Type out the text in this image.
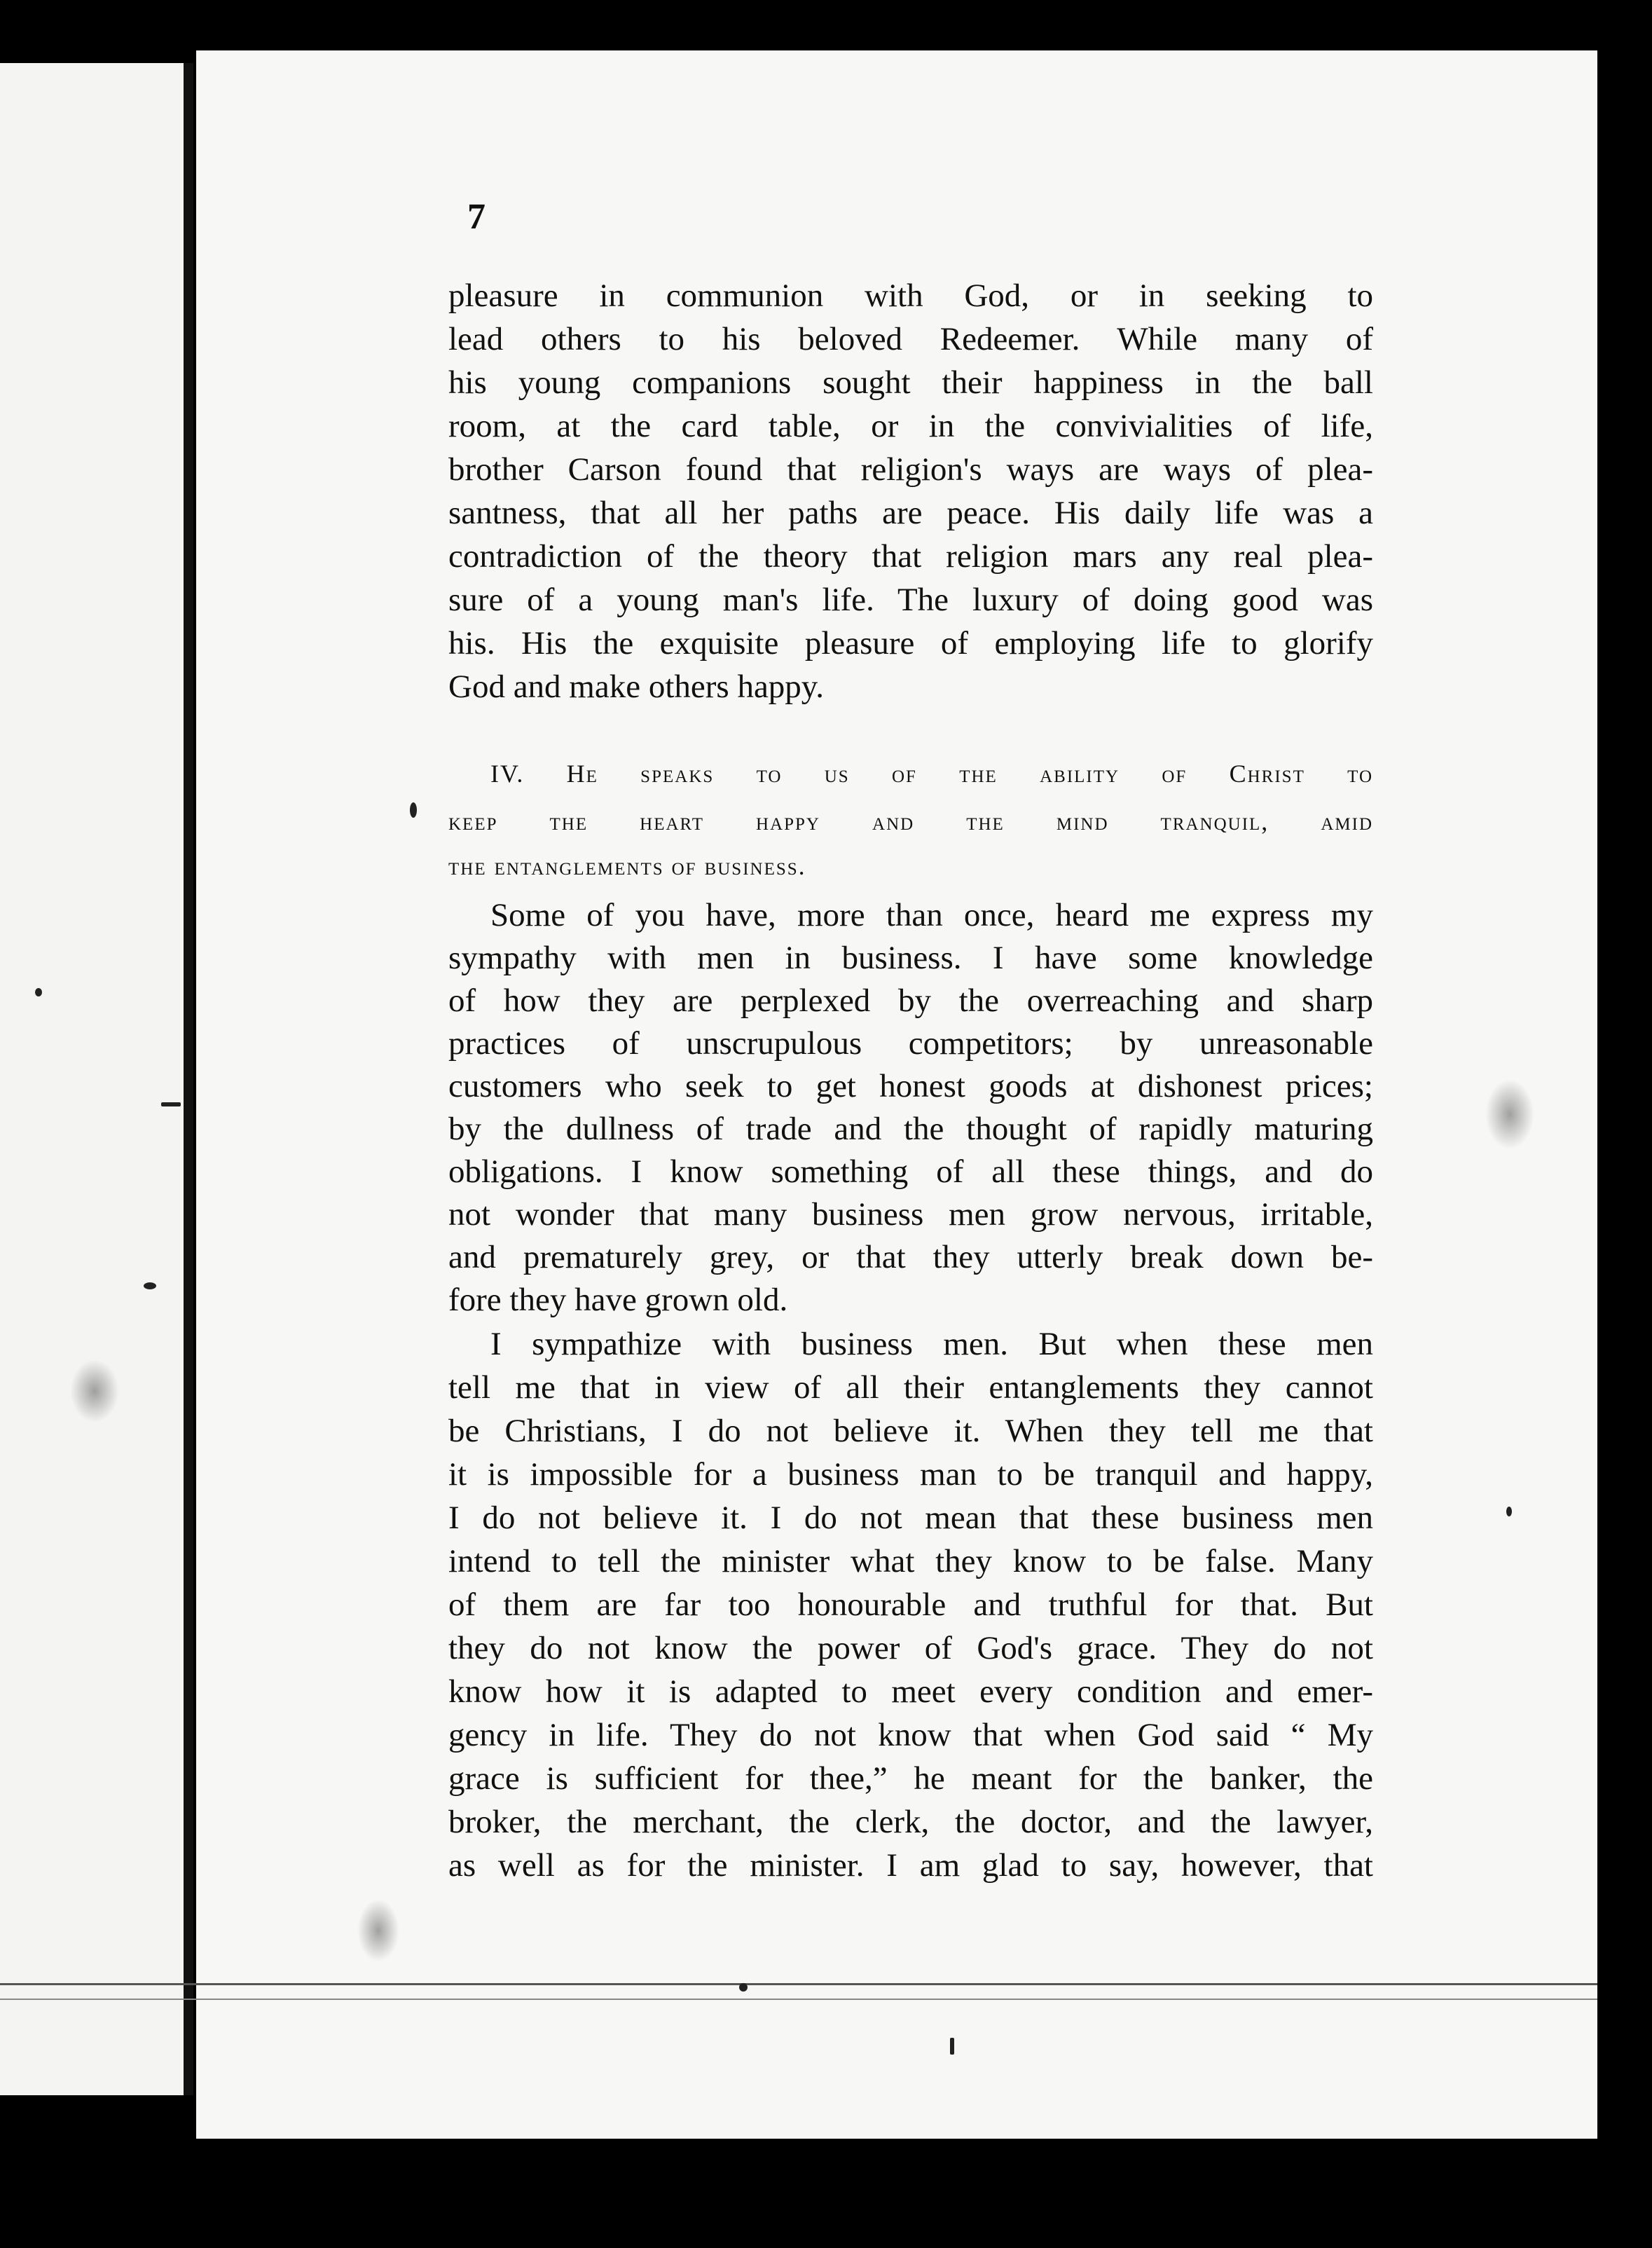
7
pleasure in communion with God, or in seeking to
lead others to his beloved Redeemer. While many of
his young companions sought their happiness in the ball
room, at the card table, or in the convivialities of life,
brother Carson found that religion's ways are ways of plea-
santness, that all her paths are peace. His daily life was a
contradiction of the theory that religion mars any real plea-
sure of a young man's life. The luxury of doing good was
his. His the exquisite pleasure of employing life to glorify
God and make others happy.
IV. He speaks to us of the ability of Christ to
keep the heart happy and the mind tranquil, amid
the entanglements of business.
Some of you have, more than once, heard me express my
sympathy with men in business. I have some knowledge
of how they are perplexed by the overreaching and sharp
practices of unscrupulous competitors; by unreasonable
customers who seek to get honest goods at dishonest prices;
by the dullness of trade and the thought of rapidly maturing
obligations. I know something of all these things, and do
not wonder that many business men grow nervous, irritable,
and prematurely grey, or that they utterly break down be-
fore they have grown old.
I sympathize with business men. But when these men
tell me that in view of all their entanglements they cannot
be Christians, I do not believe it. When they tell me that
it is impossible for a business man to be tranquil and happy,
I do not believe it. I do not mean that these business men
intend to tell the minister what they know to be false. Many
of them are far too honourable and truthful for that. But
they do not know the power of God's grace. They do not
know how it is adapted to meet every condition and emer-
gency in life. They do not know that when God said “ My
grace is sufficient for thee,” he meant for the banker, the
broker, the merchant, the clerk, the doctor, and the lawyer,
as well as for the minister. I am glad to say, however, that
